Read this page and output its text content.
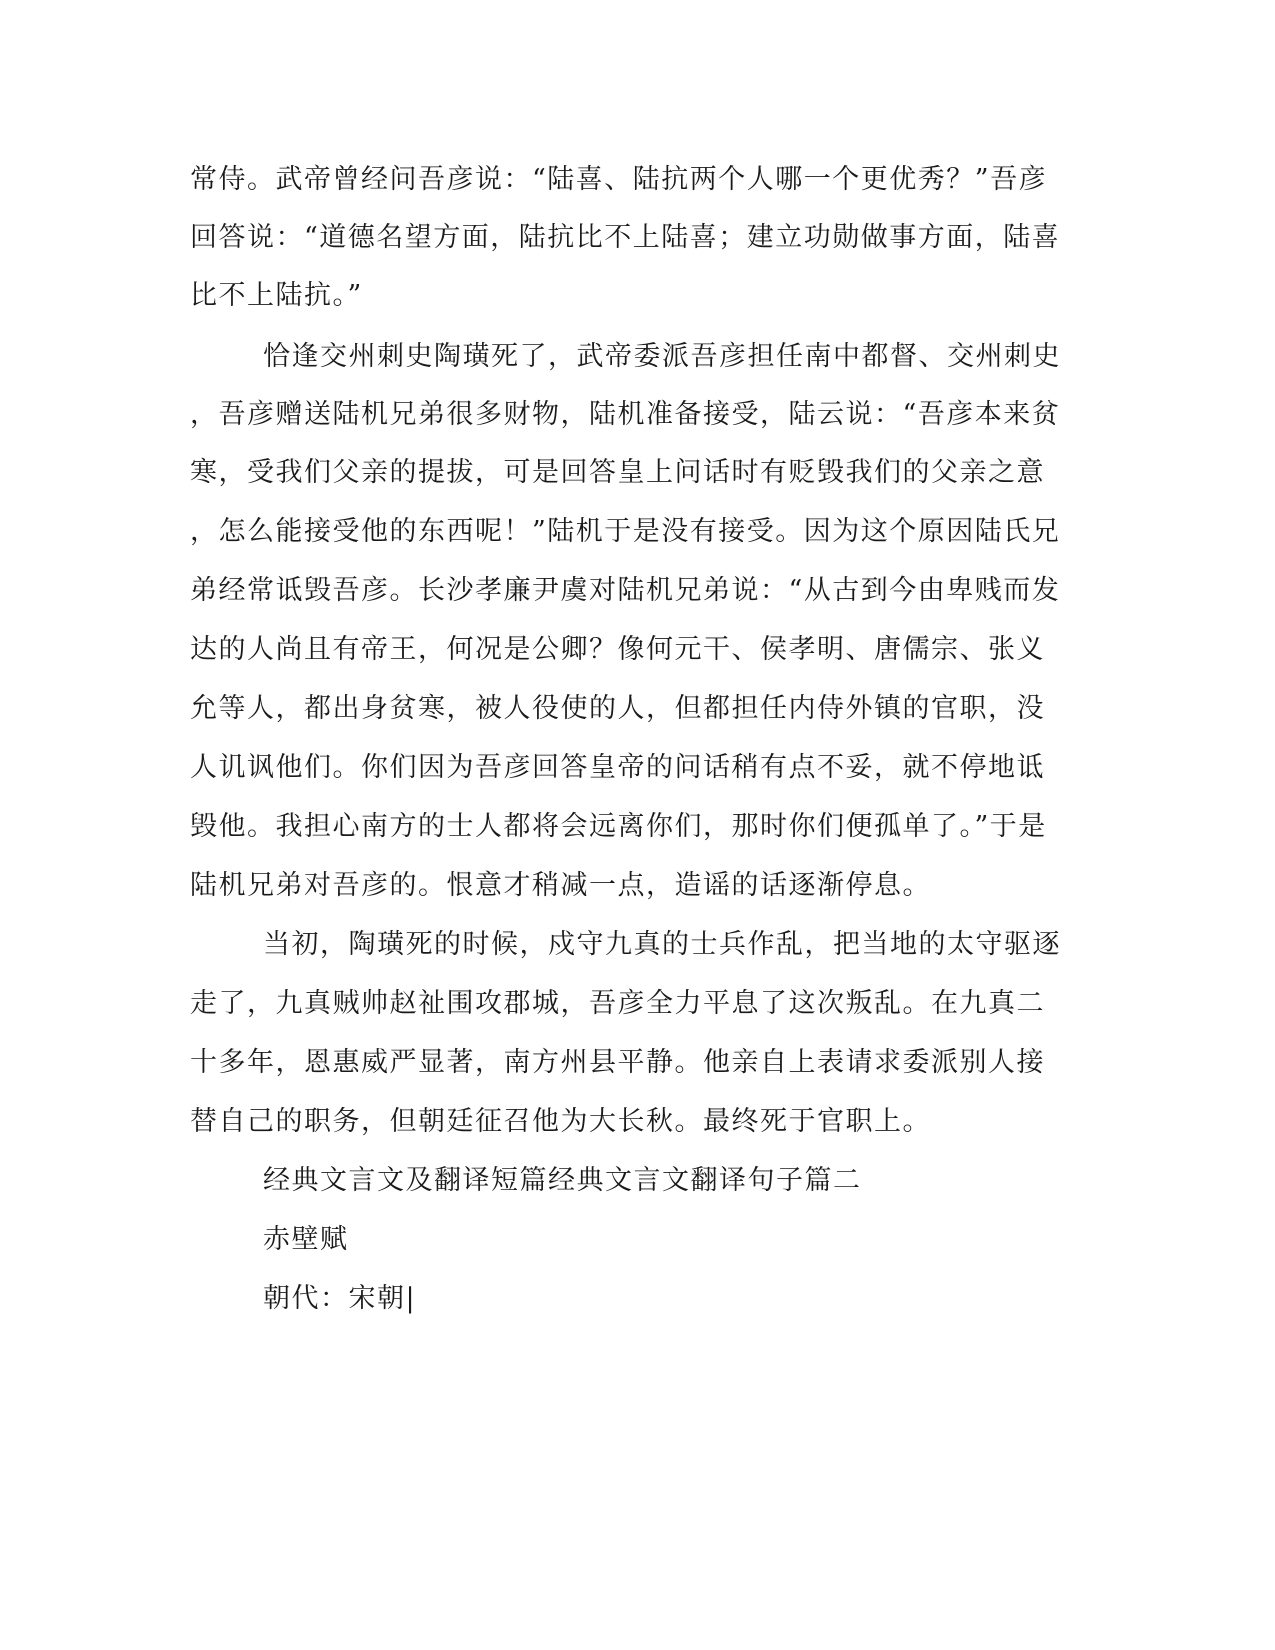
常侍。武帝曾经问吾彦说：“陆喜、陆抗两个人哪一个更优秀？”吾彦
回答说：“道德名望方面，陆抗比不上陆喜；建立功勋做事方面，陆喜
比不上陆抗。”
恰逢交州刺史陶璜死了，武帝委派吾彦担任南中都督、交州刺史
，吾彦赠送陆机兄弟很多财物，陆机准备接受，陆云说：“吾彦本来贫
寒，受我们父亲的提拔，可是回答皇上问话时有贬毁我们的父亲之意
，怎么能接受他的东西呢！”陆机于是没有接受。因为这个原因陆氏兄
弟经常诋毁吾彦。长沙孝廉尹虞对陆机兄弟说：“从古到今由卑贱而发
达的人尚且有帝王，何况是公卿？像何元干、侯孝明、唐儒宗、张义
允等人，都出身贫寒，被人役使的人，但都担任内侍外镇的官职，没
人讥讽他们。你们因为吾彦回答皇帝的问话稍有点不妥，就不停地诋
毁他。我担心南方的士人都将会远离你们，那时你们便孤单了。”于是
陆机兄弟对吾彦的。恨意才稍减一点，造谣的话逐渐停息。
当初，陶璜死的时候，戍守九真的士兵作乱，把当地的太守驱逐
走了，九真贼帅赵祉围攻郡城，吾彦全力平息了这次叛乱。在九真二
十多年，恩惠威严显著，南方州县平静。他亲自上表请求委派别人接
替自己的职务，但朝廷征召他为大长秋。最终死于官职上。
经典文言文及翻译短篇经典文言文翻译句子篇二
赤壁赋
朝代：宋朝|
